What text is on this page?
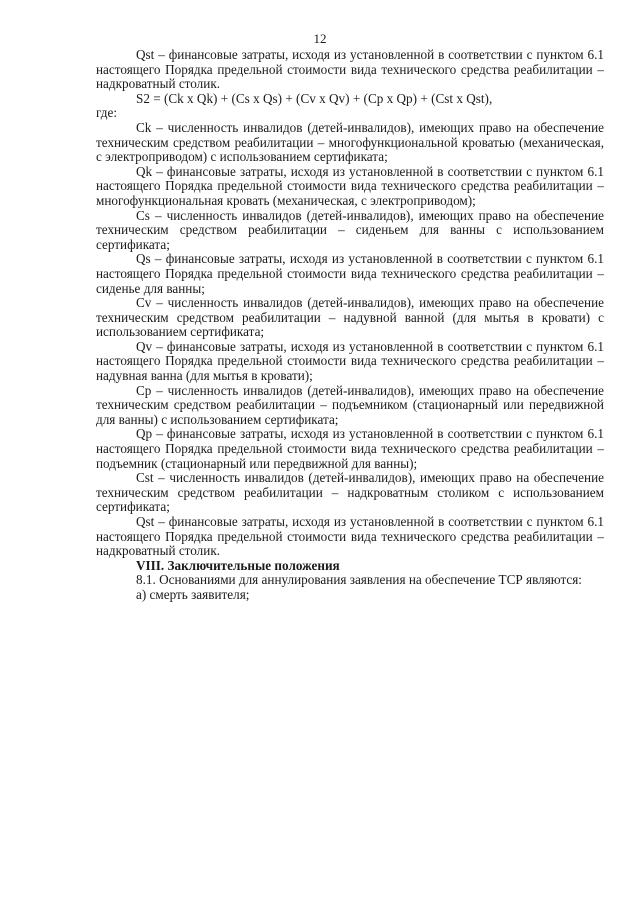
12

Qst – финансовые затраты, исходя из установленной в соответствии с пунктом 6.1 настоящего Порядка предельной стоимости вида технического средства реабилитации – надкроватный столик.

S2 = (Ck x Qk) + (Cs x Qs) + (Cv x Qv) + (Cp x Qp) + (Cst x Qst),

где:

Ck – численность инвалидов (детей-инвалидов), имеющих право на обеспечение техническим средством реабилитации – многофункциональной кроватью (механическая, с электроприводом) с использованием сертификата;

Qk – финансовые затраты, исходя из установленной в соответствии с пунктом 6.1 настоящего Порядка предельной стоимости вида технического средства реабилитации – многофункциональная кровать (механическая, с электроприводом);

Cs – численность инвалидов (детей-инвалидов), имеющих право на обеспечение техническим средством реабилитации – сиденьем для ванны с использованием сертификата;

Qs – финансовые затраты, исходя из установленной в соответствии с пунктом 6.1 настоящего Порядка предельной стоимости вида технического средства реабилитации – сиденье для ванны;

Cv – численность инвалидов (детей-инвалидов), имеющих право на обеспечение техническим средством реабилитации – надувной ванной (для мытья в кровати) с использованием сертификата;

Qv – финансовые затраты, исходя из установленной в соответствии с пунктом 6.1 настоящего Порядка предельной стоимости вида технического средства реабилитации – надувная ванна (для мытья в кровати);

Cp – численность инвалидов (детей-инвалидов), имеющих право на обеспечение техническим средством реабилитации – подъемником (стационарный или передвижной для ванны) с использованием сертификата;

Qp – финансовые затраты, исходя из установленной в соответствии с пунктом 6.1 настоящего Порядка предельной стоимости вида технического средства реабилитации – подъемник (стационарный или передвижной для ванны);

Cst – численность инвалидов (детей-инвалидов), имеющих право на обеспечение техническим средством реабилитации – надкроватным столиком с использованием сертификата;

Qst – финансовые затраты, исходя из установленной в соответствии с пунктом 6.1 настоящего Порядка предельной стоимости вида технического средства реабилитации – надкроватный столик.

VIII. Заключительные положения

8.1. Основаниями для аннулирования заявления на обеспечение ТСР являются:

а) смерть заявителя;
